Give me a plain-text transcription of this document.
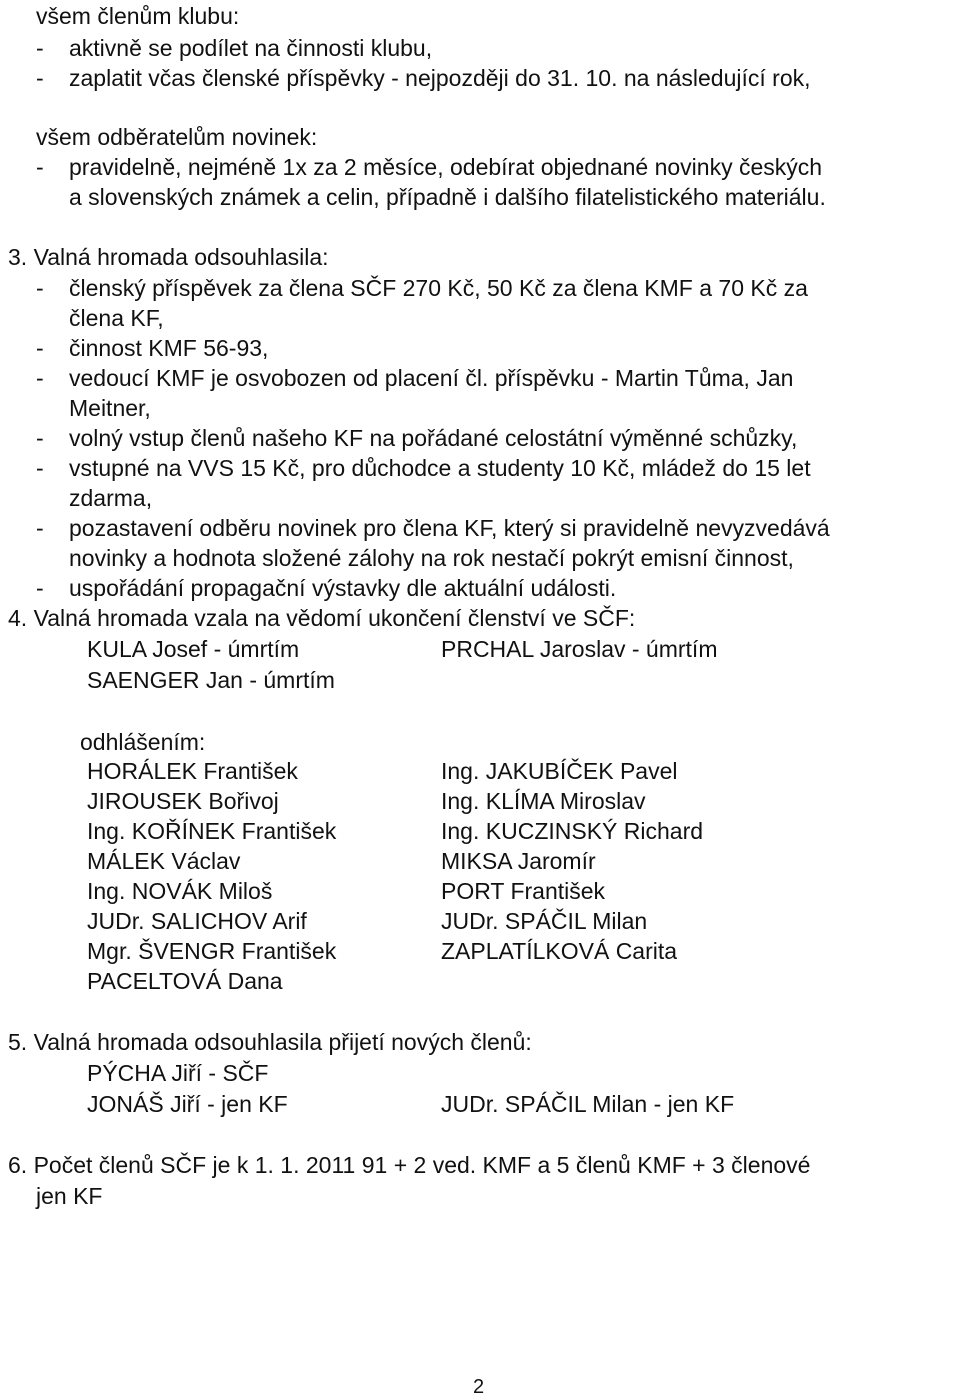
všem členům klubu:
- aktivně se podílet na činnosti klubu,
- zaplatit včas členské příspěvky - nejpozději do 31. 10. na následující rok,
všem odběratelům novinek:
- pravidelně, nejméně 1x za 2 měsíce, odebírat objednané novinky českých
a slovenských známek a celin, případně i dalšího filatelistického materiálu.
3. Valná hromada odsouhlasila:
- členský příspěvek za člena SČF 270 Kč, 50 Kč za člena KMF a 70 Kč za
člena KF,
- činnost KMF 56-93,
- vedoucí KMF je osvobozen od placení čl. příspěvku - Martin Tůma, Jan
Meitner,
- volný vstup členů našeho KF na pořádané celostátní výměnné schůzky,
- vstupné na VVS 15 Kč, pro důchodce a studenty 10 Kč, mládež do 15 let
zdarma,
- pozastavení odběru novinek pro člena KF, který si pravidelně nevyzvedává
novinky a hodnota složené zálohy na rok nestačí pokrýt emisní činnost,
- uspořádání propagační výstavky dle aktuální události.
4. Valná hromada vzala na vědomí ukončení členství ve SČF:
KULA Josef - úmrtím	PRCHAL Jaroslav - úmrtím
SAENGER Jan - úmrtím
odhlášením:
HORÁLEK František
JIROUSEK Bořivoj
Ing. KOŘÍNEK František
MÁLEK Václav
Ing. NOVÁK Miloš
JUDr. SALICHOV Arif
Mgr. ŠVENGR František
PACELTOVÁ Dana
Ing. JAKUBÍČEK Pavel
Ing. KLÍMA Miroslav
Ing. KUCZINSKÝ Richard
MIKSA Jaromír
PORT František
JUDr. SPÁČIL Milan
ZAPLATÍLKOVÁ Carita
5. Valná hromada odsouhlasila přijetí nových členů:
PÝCHA Jiří - SČF
JONÁŠ Jiří - jen KF	JUDr. SPÁČIL Milan - jen KF
6. Počet členů SČF je k 1. 1. 2011 91 + 2 ved. KMF a 5 členů KMF + 3 členové
jen KF
2
